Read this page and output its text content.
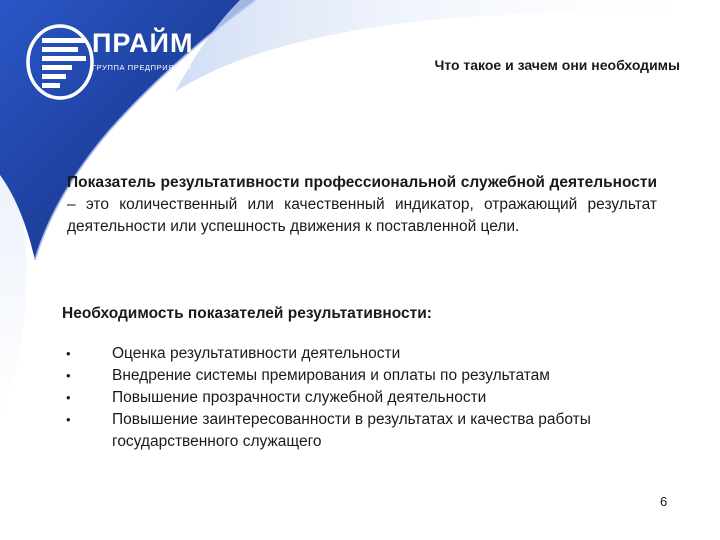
ПРАЙМ
ГРУППА ПРЕДПРИЯТИЙ	Что такое и зачем они необходимы
Показатель результативности профессиональной служебной деятельности – это количественный или качественный индикатор, отражающий результат деятельности или успешность движения к поставленной цели.
Необходимость показателей результативности:
•	Оценка результативности деятельности
•	Внедрение системы премирования и оплаты по результатам
•	Повышение прозрачности служебной деятельности
•	Повышение заинтересованности в результатах и качества работы государственного служащего
6
